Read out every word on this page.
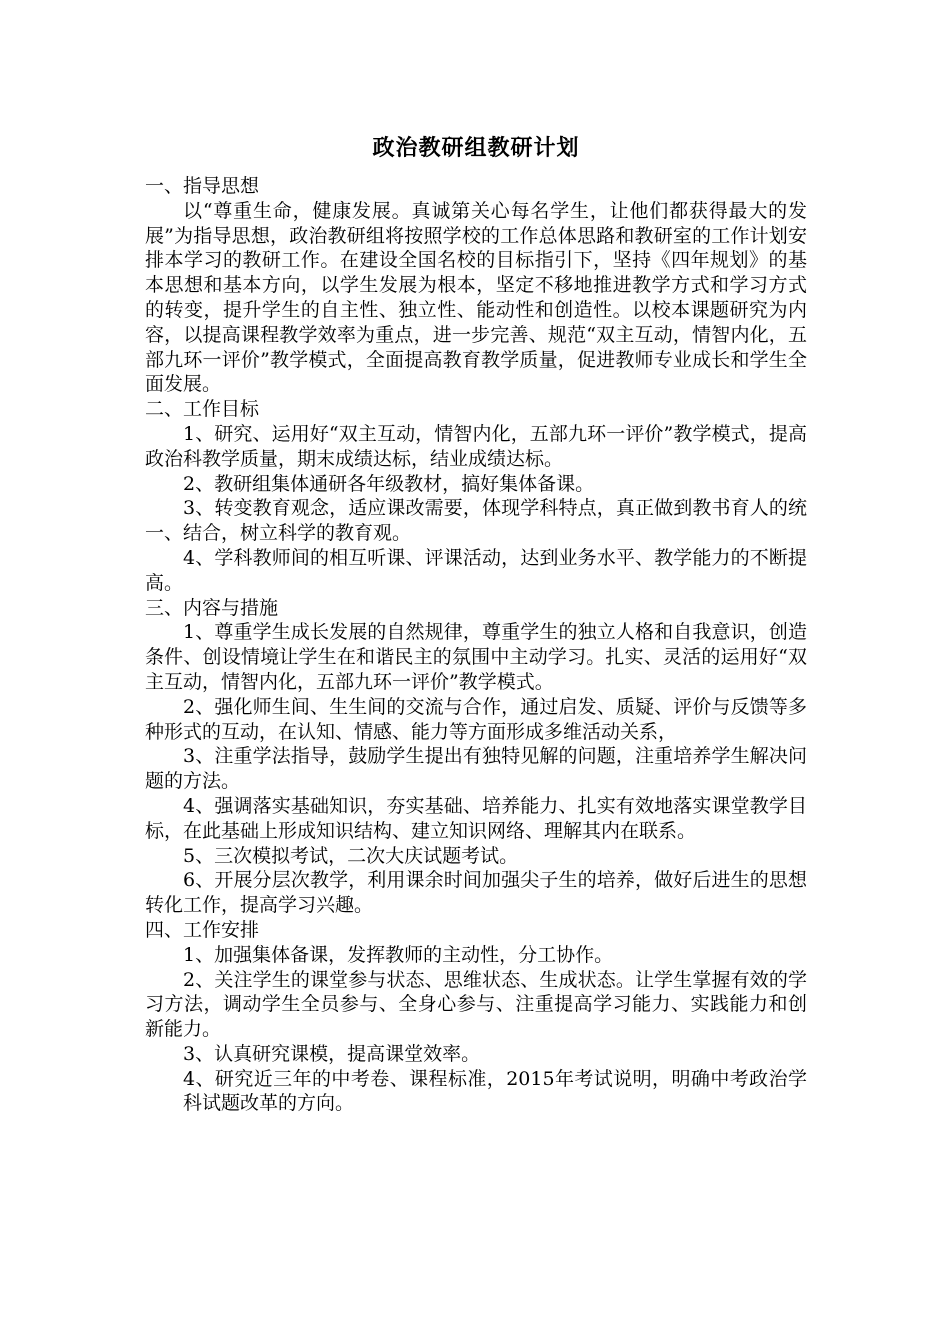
政治教研组教研计划

一、指导思想

以“尊重生命，健康发展。真诚第关心每名学生，让他们都获得最大的发展”为指导思想，政治教研组将按照学校的工作总体思路和教研室的工作计划安排本学习的教研工作。在建设全国名校的目标指引下，坚持《四年规划》的基本思想和基本方向，以学生发展为根本，坚定不移地推进教学方式和学习方式的转变，提升学生的自主性、独立性、能动性和创造性。以校本课题研究为内容，以提高课程教学效率为重点，进一步完善、规范“双主互动，情智内化，五部九环一评价”教学模式，全面提高教育教学质量，促进教师专业成长和学生全面发展。

二、工作目标

1、研究、运用好“双主互动，情智内化，五部九环一评价”教学模式，提高政治科教学质量，期末成绩达标，结业成绩达标。

2、教研组集体通研各年级教材，搞好集体备课。

3、转变教育观念，适应课改需要，体现学科特点，真正做到教书育人的统一、结合，树立科学的教育观。

4、学科教师间的相互听课、评课活动，达到业务水平、教学能力的不断提高。

三、内容与措施

1、尊重学生成长发展的自然规律，尊重学生的独立人格和自我意识，创造条件、创设情境让学生在和谐民主的氛围中主动学习。扎实、灵活的运用好“双主互动，情智内化，五部九环一评价”教学模式。

2、强化师生间、生生间的交流与合作，通过启发、质疑、评价与反馈等多种形式的互动，在认知、情感、能力等方面形成多维活动关系，

3、注重学法指导，鼓励学生提出有独特见解的问题，注重培养学生解决问题的方法。

4、强调落实基础知识，夯实基础、培养能力、扎实有效地落实课堂教学目标，在此基础上形成知识结构、建立知识网络、理解其内在联系。

5、三次模拟考试，二次大庆试题考试。

6、开展分层次教学，利用课余时间加强尖子生的培养，做好后进生的思想转化工作，提高学习兴趣。

四、工作安排

1、加强集体备课，发挥教师的主动性，分工协作。

2、关注学生的课堂参与状态、思维状态、生成状态。让学生掌握有效的学习方法，调动学生全员参与、全身心参与、注重提高学习能力、实践能力和创新能力。

3、认真研究课模，提高课堂效率。

4、研究近三年的中考卷、课程标准，2015年考试说明，明确中考政治学科试题改革的方向。
